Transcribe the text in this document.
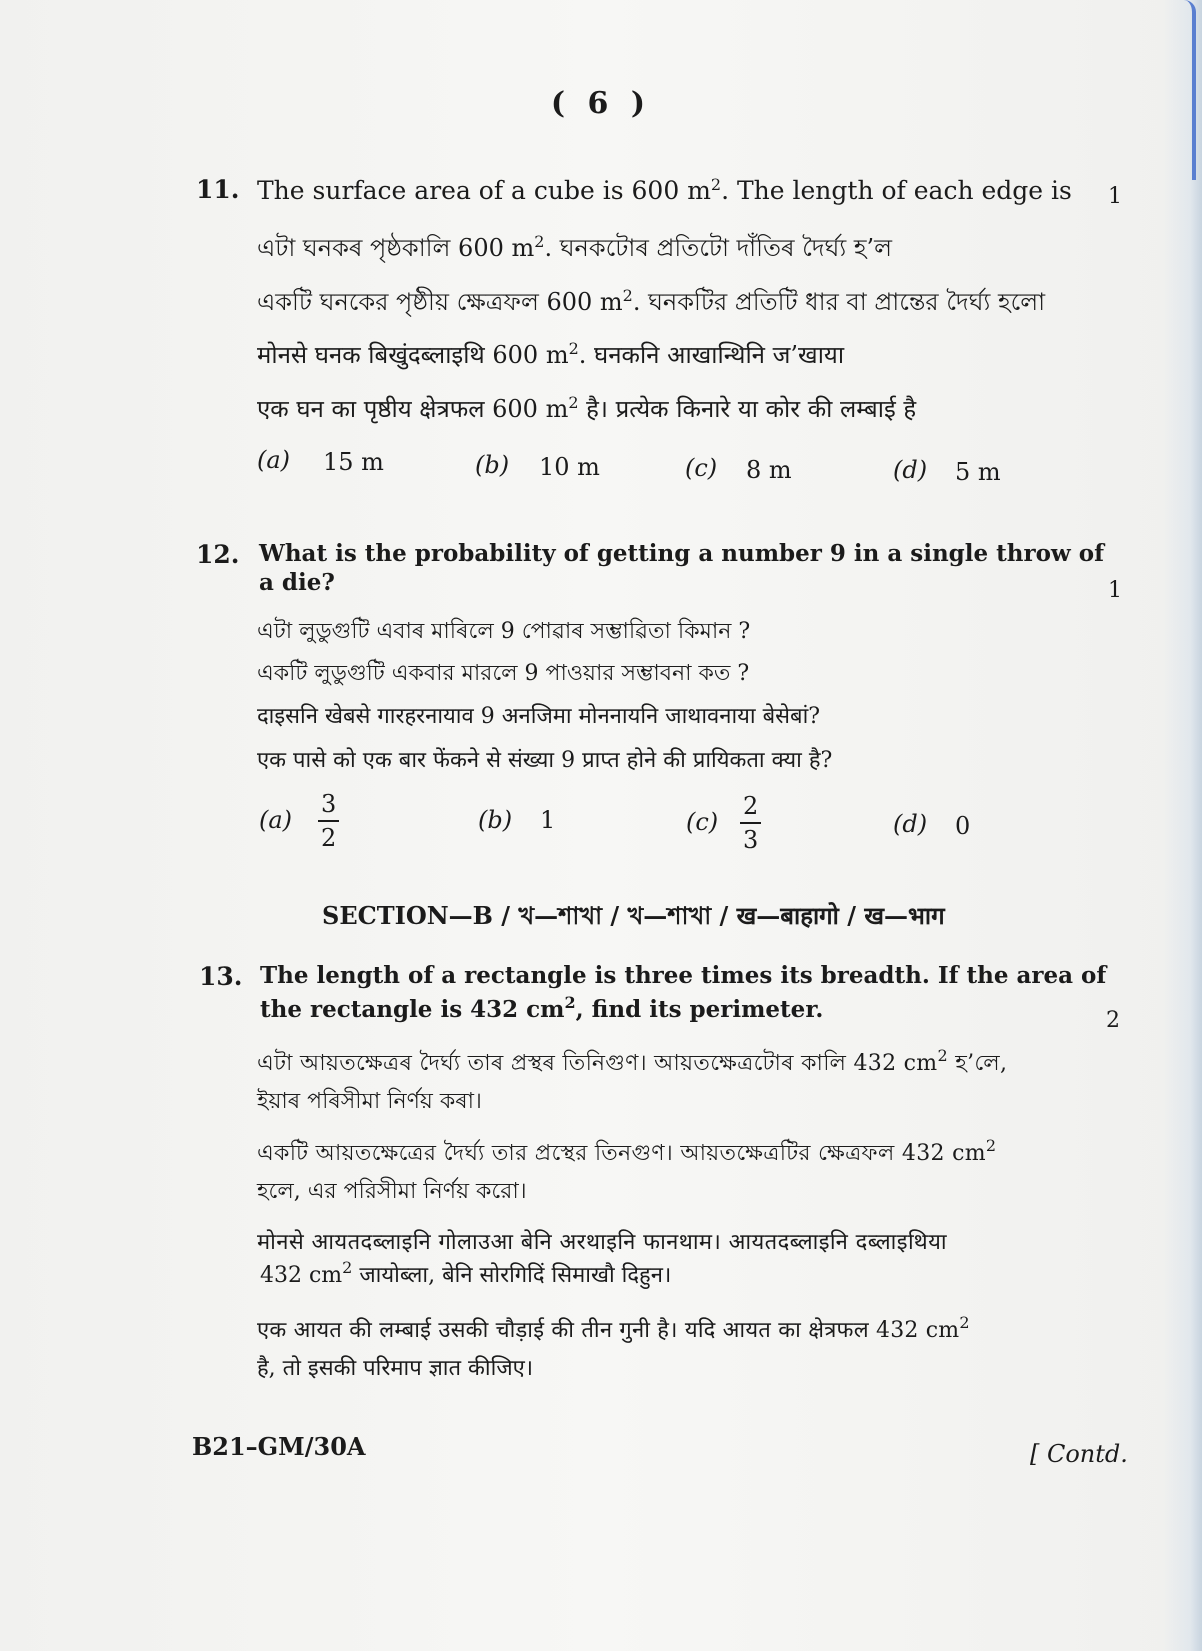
( 6 )
11. The surface area of a cube is 600 $m^2$. The length of each edge is 1
এটা ঘনকৰ পৃষ্ঠকালি 600 $m^2$. ঘনকটোৰ প্ৰতিটো দাঁতিৰ দৈৰ্ঘ্য হ’ল
একটি ঘনকের পৃষ্ঠীয় ক্ষেত্রফল 600 $m^2$. ঘনকটির প্রতিটি ধার বা প্রান্তের দৈর্ঘ্য হলো
मोनसे घनक बिखुंदब्लाइथि 600 $m^2$. घनकनि आखान्थिनि ज’खाया
एक घन का पृष्ठीय क्षेत्रफल 600 $m^2$ है। प्रत्येक किनारे या कोर की लम्बाई है
(a) 15 m	(b) 10 m	(c) 8 m	(d) 5 m
12. What is the probability of getting a number 9 in a single throw of
a die?	1
এটা লুডুগুটি এবাৰ মাৰিলে 9 পোৱাৰ সম্ভাৱিতা কিমান ?
একটি লুডুগুটি একবার মারলে 9 পাওয়ার সম্ভাবনা কত ?
दाइसनि खेबसे गारहरनायाव 9 अनजिमा मोननायनि जाथावनाया बेसेबां?
एक पासे को एक बार फेंकने से संख्या 9 प्राप्त होने की प्रायिकता क्या है?
$(a) \frac{3}{2}$	(b) 1	$(c) \frac{2}{3}$	(d) 0
SECTION—B / খ—শাখা / খ—শাখা / ख—बाहागो / ख—भाग
13. The length of a rectangle is three times its breadth. If the area of
the rectangle is 432 $cm^2$, find its perimeter.	2
এটা আয়তক্ষেত্ৰৰ দৈৰ্ঘ্য তাৰ প্ৰস্থৰ তিনিগুণ। আয়তক্ষেত্ৰটোৰ কালি 432 $cm^2$ হ’লে,
ইয়াৰ পৰিসীমা নিৰ্ণয় কৰা।
একটি আয়তক্ষেত্রের দৈর্ঘ্য তার প্রস্থের তিনগুণ। আয়তক্ষেত্রটির ক্ষেত্রফল 432 $cm^2$
হলে, এর পরিসীমা নির্ণয় করো।
मोनसे आयतदब्लाइनि गोलाउआ बेनि अरथाइनि फानथाम। आयतदब्लाइनि दब्लाइथिया
432 $cm^2$ जायोब्ला, बेनि सोरगिदिं सिमाखौ दिहुन।
एक आयत की लम्बाई उसकी चौड़ाई की तीन गुनी है। यदि आयत का क्षेत्रफल 432 $cm^2$
है, तो इसकी परिमाप ज्ञात कीजिए।
B21–GM/30A	[ Contd.
